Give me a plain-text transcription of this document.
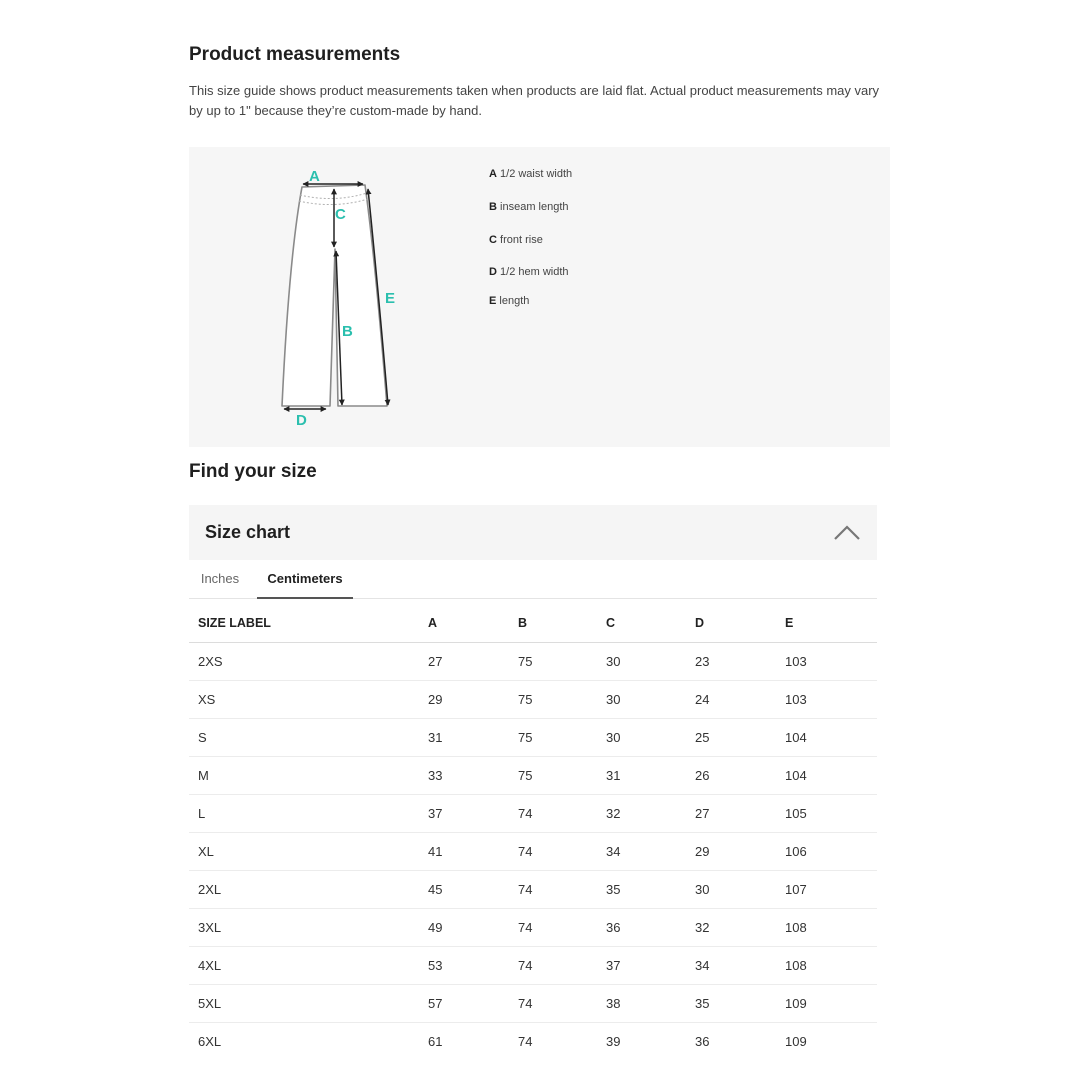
Product measurements

This size guide shows product measurements taken when products are laid flat. Actual product measurements may vary by up to 1" because they’re custom-made by hand.

A
C
E
B
D
A 1/2 waist width
B inseam length
C front rise
D 1/2 hem width
E length
Find your size
Size chart
Inches	Centimeters
SIZE LABEL	A	B	C	D	E
2XS	27	75	30	23	103
XS	29	75	30	24	103
S	31	75	30	25	104
M	33	75	31	26	104
L	37	74	32	27	105
XL	41	74	34	29	106
2XL	45	74	35	30	107
3XL	49	74	36	32	108
4XL	53	74	37	34	108
5XL	57	74	38	35	109
6XL	61	74	39	36	109
